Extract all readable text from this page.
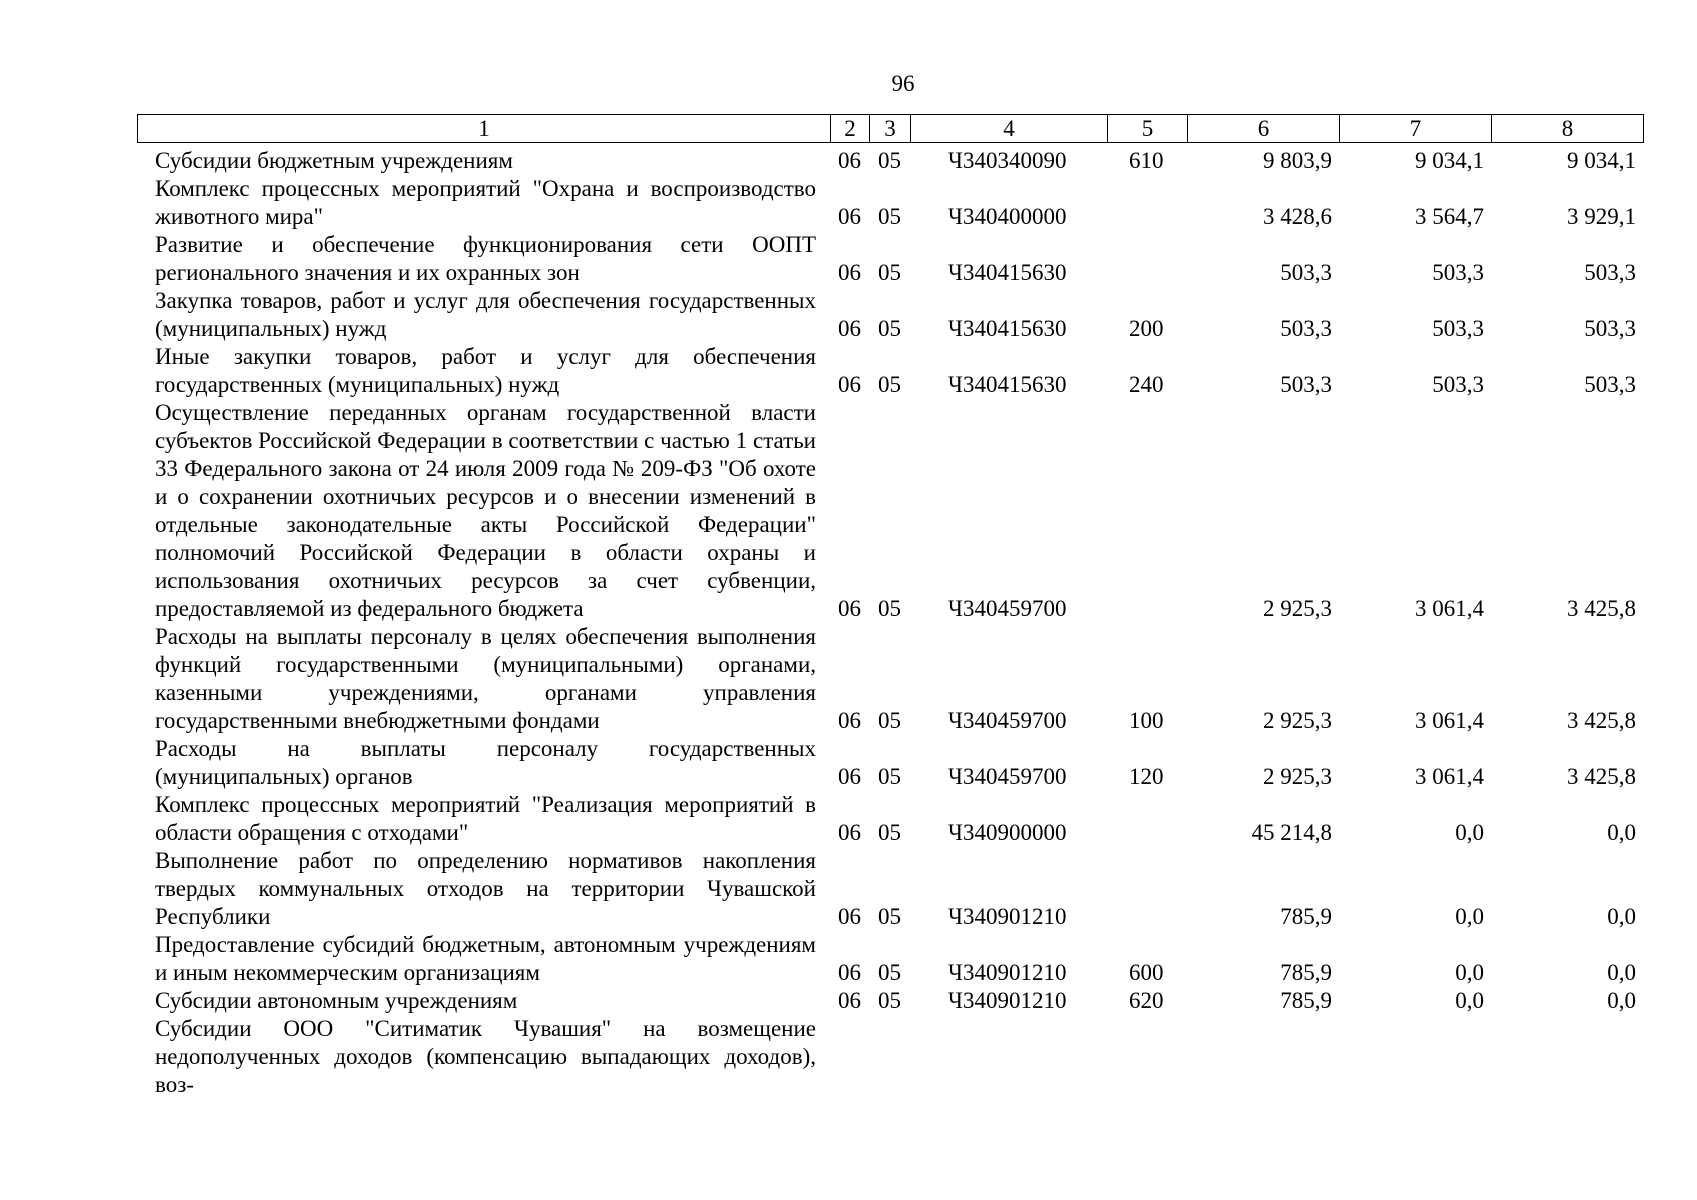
96
1	2	3	4	5	6	7	8
Субсидии бюджетным учреждениям	06	05	Ч340340090	610	9 803,9	9 034,1	9 034,1
Комплекс процессных мероприятий "Охрана и воспроизводство животного мира"	06	05	Ч340400000		3 428,6	3 564,7	3 929,1
Развитие и обеспечение функционирования сети ООПТ регионального значения и их охранных зон	06	05	Ч340415630		503,3	503,3	503,3
Закупка товаров, работ и услуг для обеспечения государственных (муниципальных) нужд	06	05	Ч340415630	200	503,3	503,3	503,3
Иные закупки товаров, работ и услуг для обеспечения государственных (муниципальных) нужд	06	05	Ч340415630	240	503,3	503,3	503,3
Осуществление переданных органам государственной власти субъектов Российской Федерации в соответствии с частью 1 статьи 33 Федерального закона от 24 июля 2009 года № 209-ФЗ "Об охоте и о сохранении охотничьих ресурсов и о внесении изменений в отдельные законодательные акты Российской Федерации" полномочий Российской Федерации в области охраны и использования охотничьих ресурсов за счет субвенции, предоставляемой из федерального бюджета	06	05	Ч340459700		2 925,3	3 061,4	3 425,8
Расходы на выплаты персоналу в целях обеспечения выполнения функций государственными (муниципальными) органами, казенными учреждениями, органами управления государственными внебюджетными фондами	06	05	Ч340459700	100	2 925,3	3 061,4	3 425,8
Расходы на выплаты персоналу государственных (муниципальных) органов	06	05	Ч340459700	120	2 925,3	3 061,4	3 425,8
Комплекс процессных мероприятий "Реализация мероприятий в области обращения с отходами"	06	05	Ч340900000		45 214,8	0,0	0,0
Выполнение работ по определению нормативов накопления твердых коммунальных отходов на территории Чувашской Республики	06	05	Ч340901210		785,9	0,0	0,0
Предоставление субсидий бюджетным, автономным учреждениям и иным некоммерческим организациям	06	05	Ч340901210	600	785,9	0,0	0,0
Субсидии автономным учреждениям	06	05	Ч340901210	620	785,9	0,0	0,0
Субсидии ООО "Ситиматик Чувашия" на возмещение недополученных доходов (компенсацию выпадающих доходов), воз-							
